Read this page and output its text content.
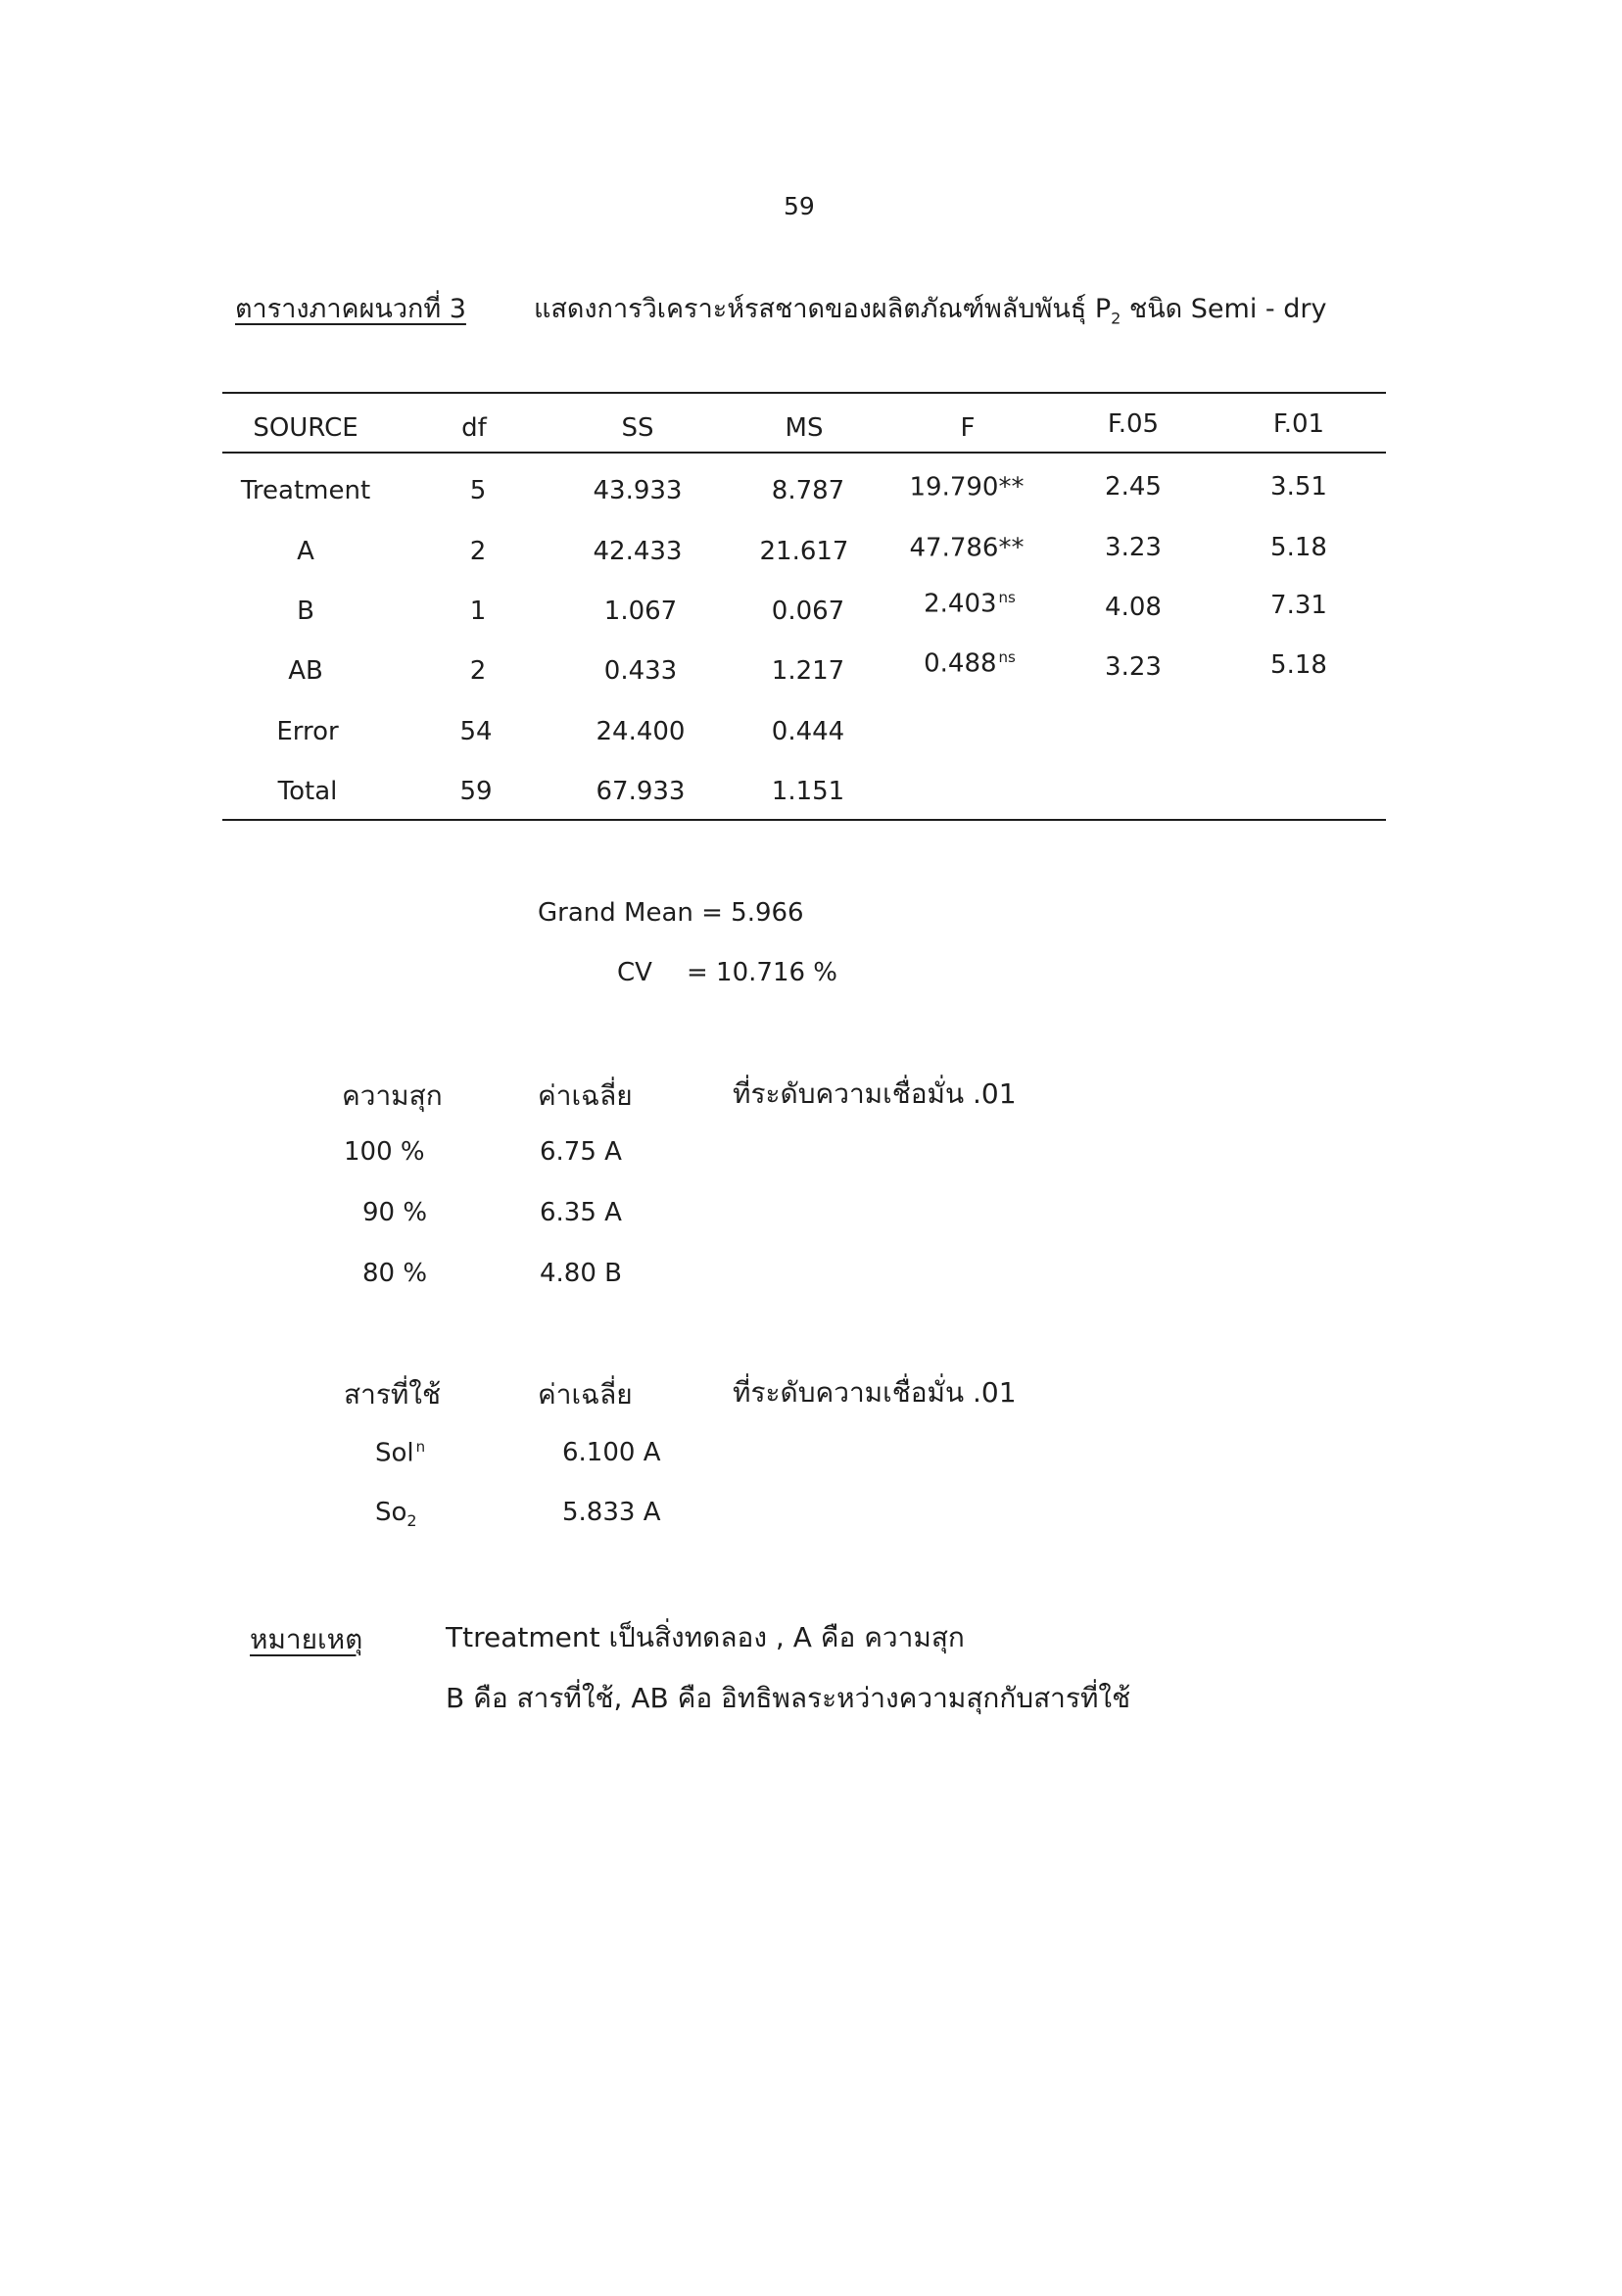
59
ตารางภาคผนวกที่ 3	แสดงการวิเคราะห์รสชาดของผลิตภัณฑ์พลับพันธุ์ $P_2$ ชนิด Semi - dry
SOURCE	df	SS	MS	F	F.05	F.01
Treatment	5	43.933	8.787	19.790**	2.45	3.51
A	2	42.433	21.617	47.786**	3.23	5.18
B	1	1.067	0.067	2.403 $^{ns}$	4.08	7.31
AB	2	0.433	1.217	0.488 $^{ns}$	3.23	5.18
Error	54	24.400	0.444
Total	59	67.933	1.151
Grand Mean = 5.966
CV = 10.716 %
ความสุก	ค่าเฉลี่ย	ที่ระดับความเชื่อมั่น .01
100 %	6.75 A
90 %	6.35 A
80 %	4.80 B
สารที่ใช้	ค่าเฉลี่ย	ที่ระดับความเชื่อมั่น .01
Sol $^n$	6.100 A
$So_2$	5.833 A
หมายเหตุ	Ttreatment เป็นสิ่งทดลอง , A คือ ความสุก
B คือ สารที่ใช้, AB คือ อิทธิพลระหว่างความสุกกับสารที่ใช้
